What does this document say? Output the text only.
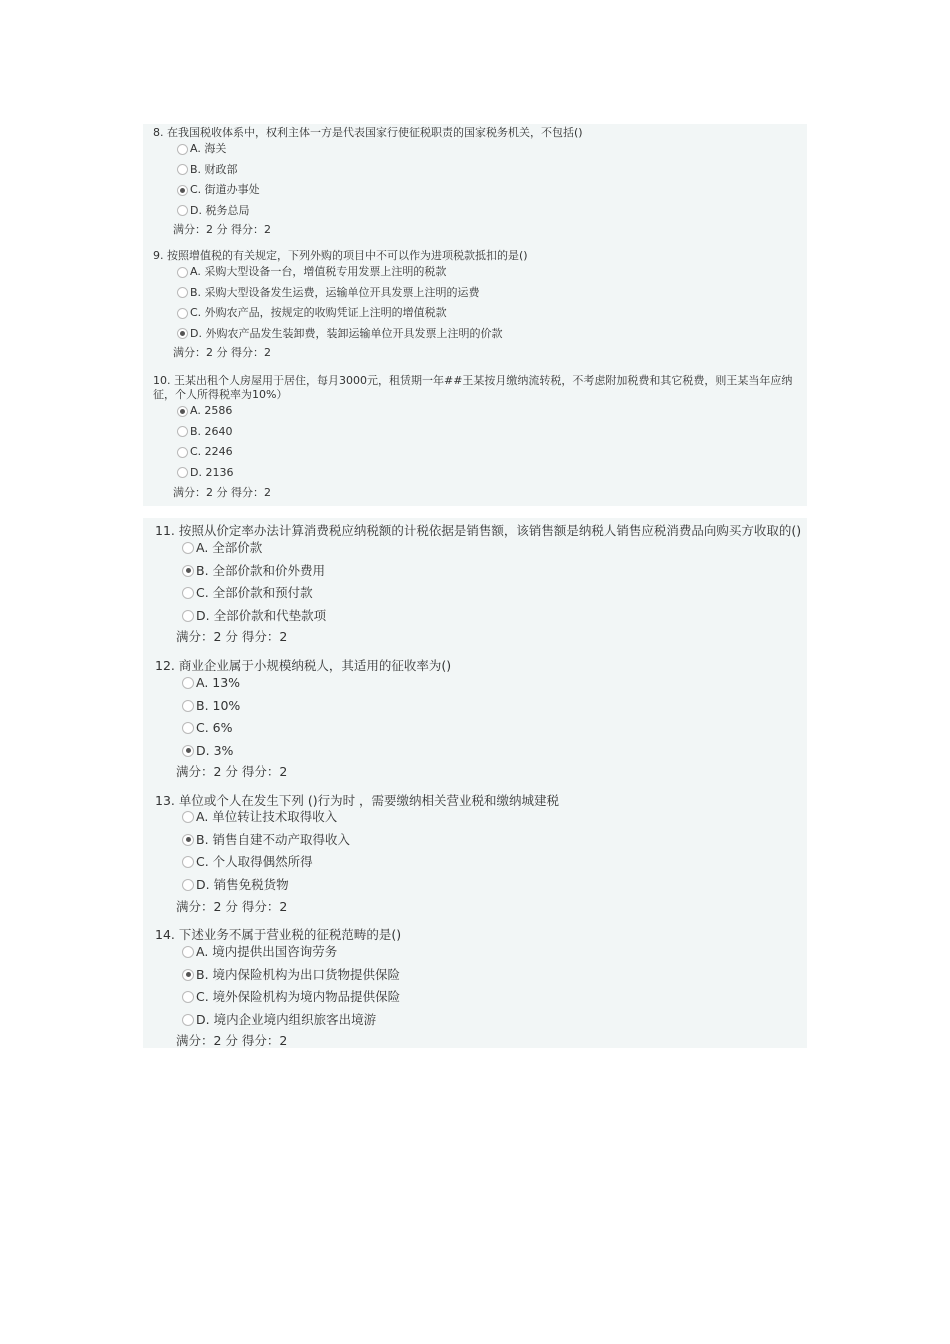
8. 在我国税收体系中，权利主体一方是代表国家行使征税职责的国家税务机关，不包括()
A. 海关
B. 财政部
C. 街道办事处
D. 税务总局
满分：2 分 得分：2
9. 按照增值税的有关规定，下列外购的项目中不可以作为进项税款抵扣的是()
A. 采购大型设备一台，增值税专用发票上注明的税款
B. 采购大型设备发生运费，运输单位开具发票上注明的运费
C. 外购农产品，按规定的收购凭证上注明的增值税款
D. 外购农产品发生装卸费，装卸运输单位开具发票上注明的价款
满分：2 分 得分：2
10. 王某出租个人房屋用于居住，每月3000元，租赁期一年##王某按月缴纳流转税，不考虑附加税费和其它税费，则王某当年应纳
征，个人所得税率为10%）
A. 2586
B. 2640
C. 2246
D. 2136
满分：2 分 得分：2
11. 按照从价定率办法计算消费税应纳税额的计税依据是销售额，该销售额是纳税人销售应税消费品向购买方收取的()
A. 全部价款
B. 全部价款和价外费用
C. 全部价款和预付款
D. 全部价款和代垫款项
满分：2 分 得分：2
12. 商业企业属于小规模纳税人，其适用的征收率为()
A. 13%
B. 10%
C. 6%
D. 3%
满分：2 分 得分：2
13. 单位或个人在发生下列 ()行为时 ，需要缴纳相关营业税和缴纳城建税
A. 单位转让技术取得收入
B. 销售自建不动产取得收入
C. 个人取得偶然所得
D. 销售免税货物
满分：2 分 得分：2
14. 下述业务不属于营业税的征税范畴的是()
A. 境内提供出国咨询劳务
B. 境内保险机构为出口货物提供保险
C. 境外保险机构为境内物品提供保险
D. 境内企业境内组织旅客出境游
满分：2 分 得分：2
